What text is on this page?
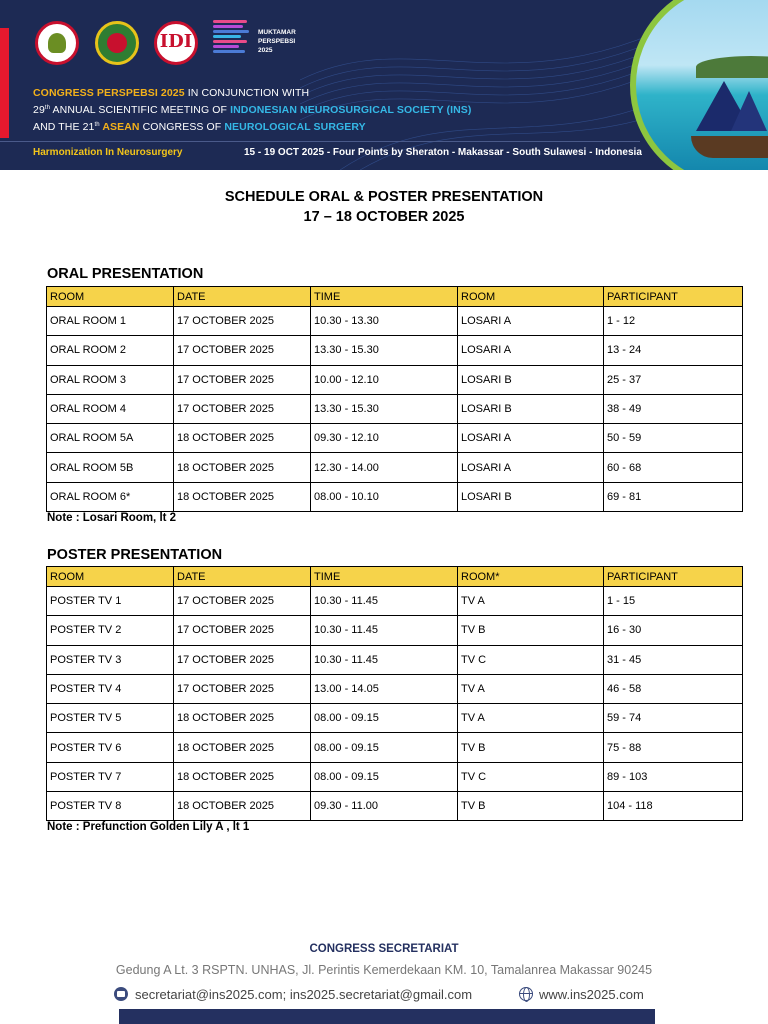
IDI	MUKTAMAR
PERSPEBSI
2025
CONGRESS PERSPEBSI 2025 IN CONJUNCTION WITH
29th ANNUAL SCIENTIFIC MEETING OF INDONESIAN NEUROSURGICAL SOCIETY (INS)
AND THE 21th ASEAN CONGRESS OF NEUROLOGICAL SURGERY
Harmonization In Neurosurgery	15 - 19 OCT 2025 - Four Points by Sheraton - Makassar - South Sulawesi - Indonesia
SCHEDULE ORAL & POSTER PRESENTATION
17 – 18 OCTOBER 2025
ORAL PRESENTATION
ROOM	DATE	TIME	ROOM	PARTICIPANT
ORAL ROOM 1	17 OCTOBER 2025	10.30 - 13.30	LOSARI A	1 - 12
ORAL ROOM 2	17 OCTOBER 2025	13.30 - 15.30	LOSARI A	13 - 24
ORAL ROOM 3	17 OCTOBER 2025	10.00 - 12.10	LOSARI B	25 - 37
ORAL ROOM 4	17 OCTOBER 2025	13.30 - 15.30	LOSARI B	38 - 49
ORAL ROOM 5A	18 OCTOBER 2025	09.30 - 12.10	LOSARI A	50 - 59
ORAL ROOM 5B	18 OCTOBER 2025	12.30 - 14.00	LOSARI A	60 - 68
ORAL ROOM 6*	18 OCTOBER 2025	08.00 - 10.10	LOSARI B	69 - 81
Note : Losari Room, lt 2
POSTER PRESENTATION
ROOM	DATE	TIME	ROOM*	PARTICIPANT
POSTER TV 1	17 OCTOBER 2025	10.30 - 11.45	TV A	1 - 15
POSTER TV 2	17 OCTOBER 2025	10.30 - 11.45	TV B	16 - 30
POSTER TV 3	17 OCTOBER 2025	10.30 - 11.45	TV C	31 - 45
POSTER TV 4	17 OCTOBER 2025	13.00 - 14.05	TV A	46 - 58
POSTER TV 5	18 OCTOBER 2025	08.00 - 09.15	TV A	59 - 74
POSTER TV 6	18 OCTOBER 2025	08.00 - 09.15	TV B	75 - 88
POSTER TV 7	18 OCTOBER 2025	08.00 - 09.15	TV C	89 - 103
POSTER TV 8	18 OCTOBER 2025	09.30 - 11.00	TV B	104 - 118
Note : Prefunction Golden Lily A , lt 1
CONGRESS SECRETARIAT
Gedung A Lt. 3 RSPTN. UNHAS, Jl. Perintis Kemerdekaan KM. 10, Tamalanrea Makassar 90245
secretariat@ins2025.com; ins2025.secretariat@gmail.com	www.ins2025.com
